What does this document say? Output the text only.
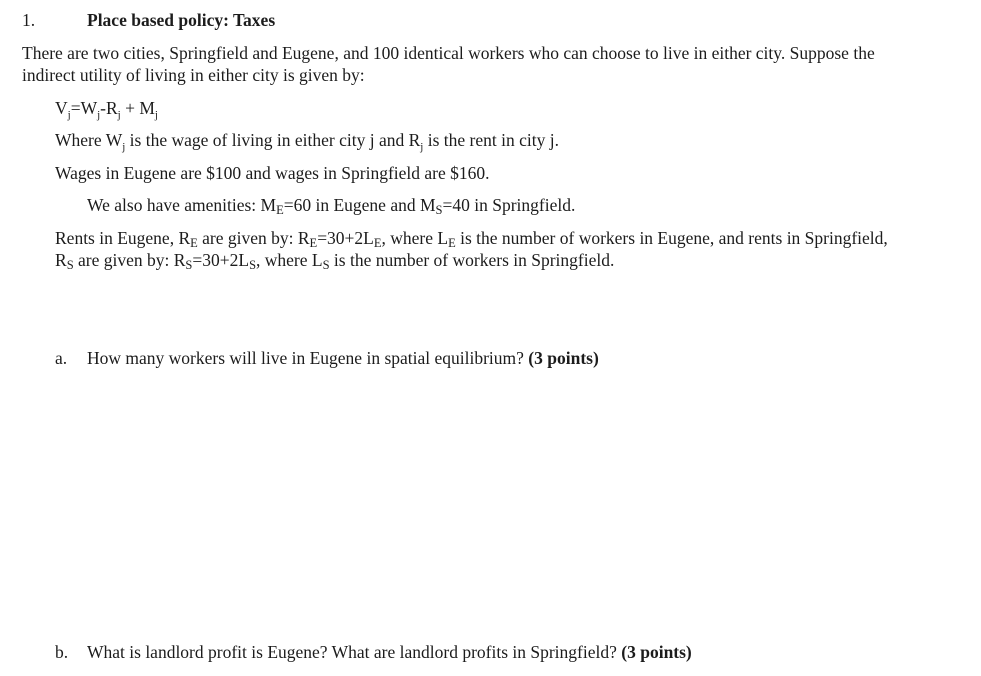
1.	Place based policy: Taxes
There are two cities, Springfield and Eugene, and 100 identical workers who can choose to live in either city. Suppose the
indirect utility of living in either city is given by:
$V_j=W_j-R_j + M_j$
Where $W_j$ is the wage of living in either city j and $R_j$ is the rent in city j.
Wages in Eugene are $100 and wages in Springfield are $160.
We also have amenities: ME=60 in Eugene and MS=40 in Springfield.
Rents in Eugene, RE are given by: RE=30+2LE, where LE is the number of workers in Eugene, and rents in Springfield,
RS are given by: RS=30+2LS, where LS is the number of workers in Springfield.
a. How many workers will live in Eugene in spatial equilibrium? (3 points)
b. What is landlord profit is Eugene? What are landlord profits in Springfield? (3 points)
